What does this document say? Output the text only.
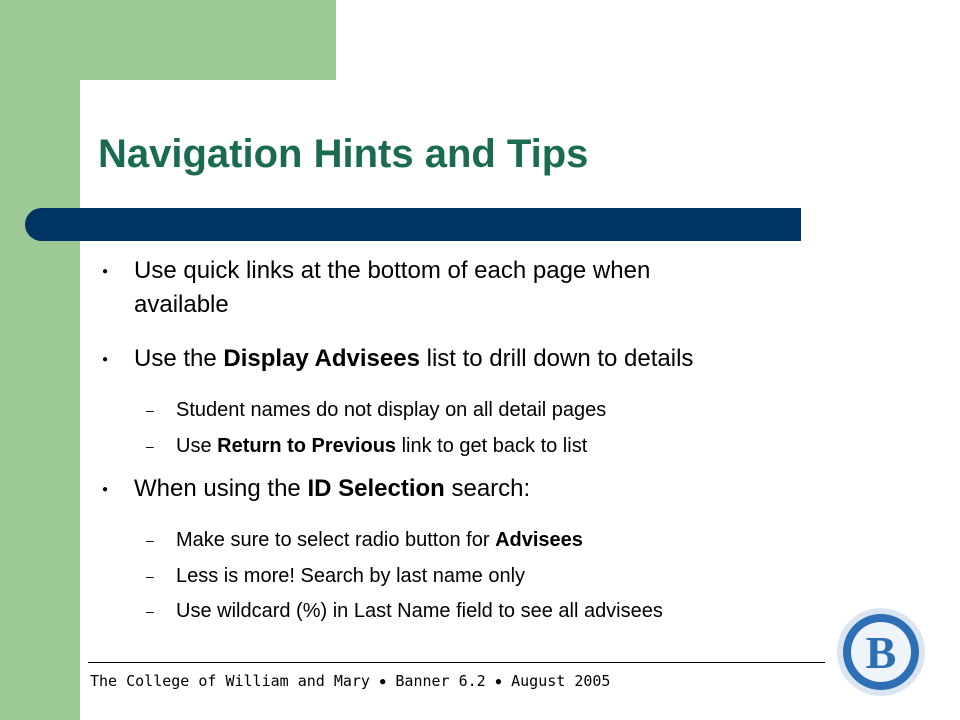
Navigation Hints and Tips
● Use quick links at the bottom of each page when
available
● Use the Display Advisees list to drill down to details
– Student names do not display on all detail pages
– Use Return to Previous link to get back to list
● When using the ID Selection search:
– Make sure to select radio button for Advisees
– Less is more! Search by last name only
– Use wildcard (%) in Last Name field to see all advisees
The College of William and Mary ● Banner 6.2 ● August 2005
B
